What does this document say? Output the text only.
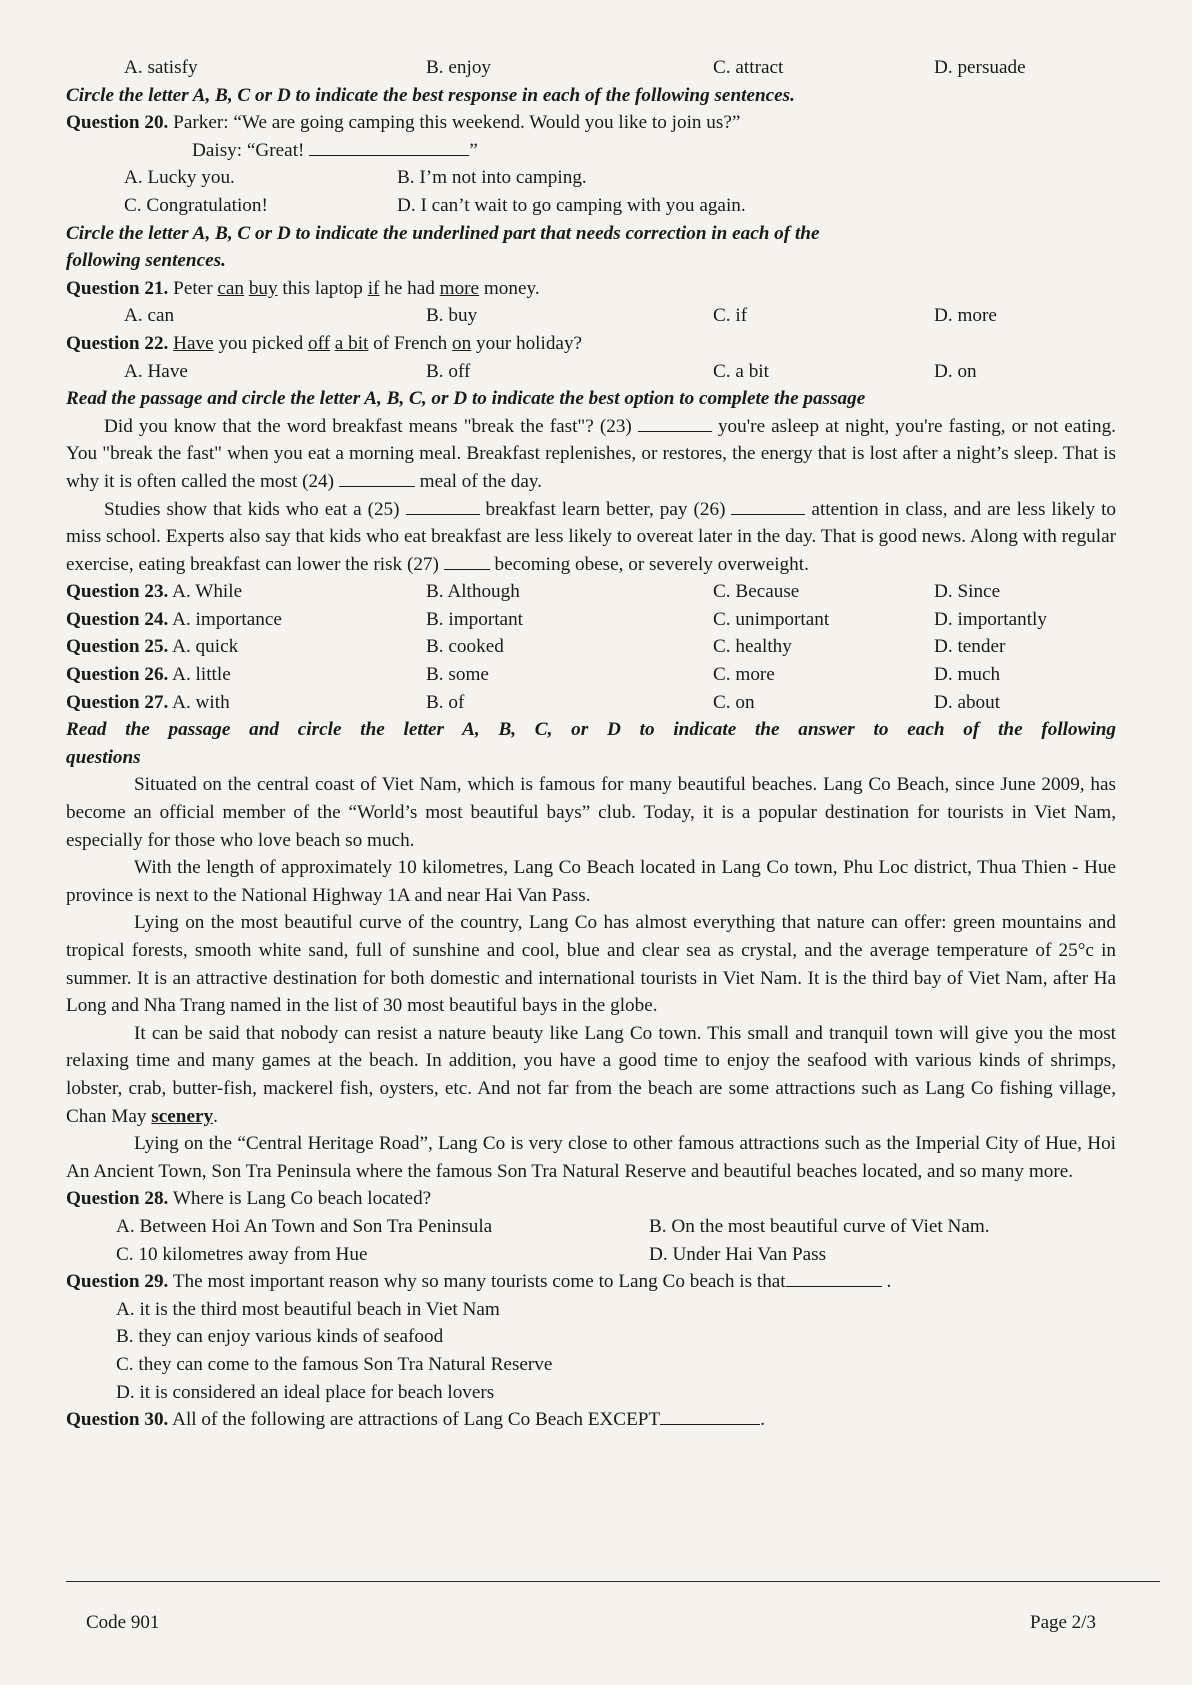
A. satisfy	B. enjoy	C. attract	D. persuade
Circle the letter A, B, C or D to indicate the best response in each of the following sentences.
Question 20. Parker: “We are going camping this weekend. Would you like to join us?”
Daisy: “Great!	”
A. Lucky you.	B. I’m not into camping.
C. Congratulation!	D. I can’t wait to go camping with you again.
Circle the letter A, B, C or D to indicate the underlined part that needs correction in each of the
following sentences.
Question 21. Peter can buy this laptop if he had more money.
A. can	B. buy	C. if	D. more
Question 22. Have you picked off a bit of French on your holiday?
A. Have	B. off	C. a bit	D. on
Read the passage and circle the letter A, B, C, or D to indicate the best option to complete the passage

Did you know that the word breakfast means "break the fast"? (23)	you're asleep at night, you're fasting, or not eating. You "break the fast" when you eat a morning meal. Breakfast replenishes, or restores, the energy that is lost after a night’s sleep. That is why it is often called the most (24)	meal of the day.

Studies show that kids who eat a (25)	breakfast learn better, pay (26)	attention in class, and are less likely to miss school. Experts also say that kids who eat breakfast are less likely to overeat later in the day. That is good news. Along with regular exercise, eating breakfast can lower the risk (27)  becoming obese, or severely overweight.

Question 23. A. While	B. Although	C. Because	D. Since
Question 24. A. importance	B. important	C. unimportant	D. importantly
Question 25. A. quick	B. cooked	C. healthy	D. tender
Question 26. A. little	B. some	C. more	D. much
Question 27. A. with	B. of	C. on	D. about
Read the passage and circle the letter A, B, C, or D to indicate the answer to each of the following
questions

Situated on the central coast of Viet Nam, which is famous for many beautiful beaches. Lang Co Beach, since June 2009, has become an official member of the “World’s most beautiful bays” club. Today, it is a popular destination for tourists in Viet Nam, especially for those who love beach so much.

With the length of approximately 10 kilometres, Lang Co Beach located in Lang Co town, Phu Loc district, Thua Thien - Hue province is next to the National Highway 1A and near Hai Van Pass.

Lying on the most beautiful curve of the country, Lang Co has almost everything that nature can offer: green mountains and tropical forests, smooth white sand, full of sunshine and cool, blue and clear sea as crystal, and the average temperature of 25°c in summer. It is an attractive destination for both domestic and international tourists in Viet Nam. It is the third bay of Viet Nam, after Ha Long and Nha Trang named in the list of 30 most beautiful bays in the globe.

It can be said that nobody can resist a nature beauty like Lang Co town. This small and tranquil town will give you the most relaxing time and many games at the beach. In addition, you have a good time to enjoy the seafood with various kinds of shrimps, lobster, crab, butter-fish, mackerel fish, oysters, etc. And not far from the beach are some attractions such as Lang Co fishing village, Chan May scenery.

Lying on the “Central Heritage Road”, Lang Co is very close to other famous attractions such as the Imperial City of Hue, Hoi An Ancient Town, Son Tra Peninsula where the famous Son Tra Natural Reserve and beautiful beaches located, and so many more.

Question 28. Where is Lang Co beach located?
A. Between Hoi An Town and Son Tra Peninsula	B. On the most beautiful curve of Viet Nam.
C. 10 kilometres away from Hue	D. Under Hai Van Pass
Question 29. The most important reason why so many tourists come to Lang Co beach is that	.
A. it is the third most beautiful beach in Viet Nam
B. they can enjoy various kinds of seafood
C. they can come to the famous Son Tra Natural Reserve
D. it is considered an ideal place for beach lovers
Question 30. All of the following are attractions of Lang Co Beach EXCEPT	.
Code 901	Page 2/3
